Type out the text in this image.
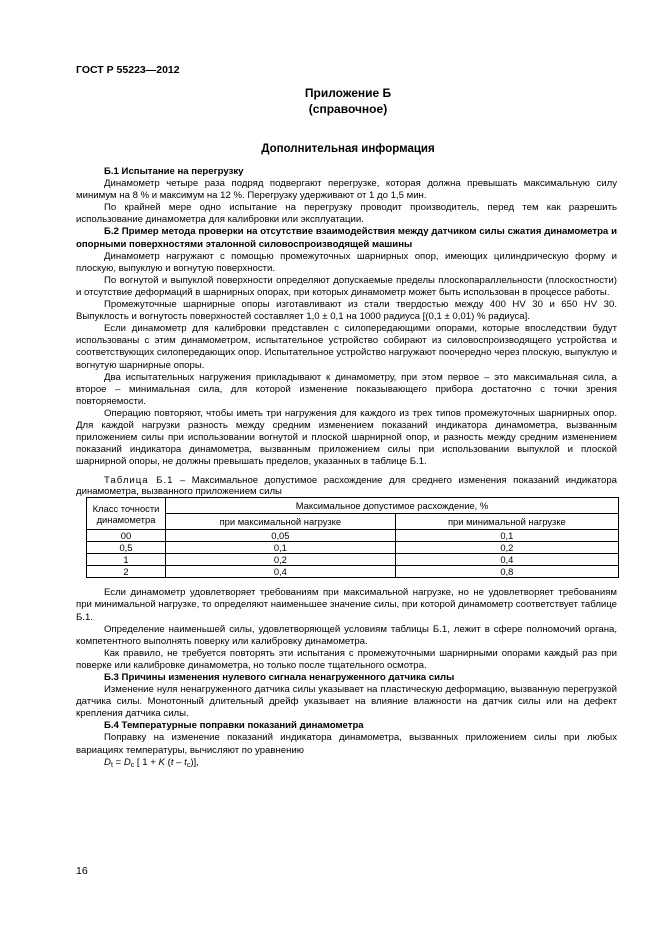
ГОСТ Р 55223—2012
Приложение Б
(справочное)
Дополнительная информация

Б.1 Испытание на перегрузку

Динамометр четыре раза подряд подвергают перегрузке, которая должна превышать максимальную силу минимум на 8 % и максимум на 12 %. Перегрузку удерживают от 1 до 1,5 мин.

По крайней мере одно испытание на перегрузку проводит производитель, перед тем как разрешить использование динамометра для калибровки или эксплуатации.

Б.2 Пример метода проверки на отсутствие взаимодействия между датчиком силы сжатия динамометра и опорными поверхностями эталонной силовоспроизводящей машины

Динамометр нагружают с помощью промежуточных шарнирных опор, имеющих цилиндрическую форму и плоскую, выпуклую и вогнутую поверхности.

По вогнутой и выпуклой поверхности определяют допускаемые пределы плоскопараллельности (плоскостности) и отсутствие деформаций в шарнирных опорах, при которых динамометр может быть использован в процессе работы.

Промежуточные шарнирные опоры изготавливают из стали твердостью между 400 HV 30 и 650 HV 30. Выпуклость и вогнутость поверхностей составляет 1,0 ± 0,1 на 1000 радиуса [(0,1 ± 0,01) % радиуса].

Если динамометр для калибровки представлен с силопередающими опорами, которые впоследствии будут использованы с этим динамометром, испытательное устройство собирают из силовоспроизводящего устройства и соответствующих силопередающих опор. Испытательное устройство нагружают поочередно через плоскую, выпуклую и вогнутую шарнирные опоры.

Два испытательных нагружения прикладывают к динамометру, при этом первое – это максимальная сила, а второе – минимальная сила, для которой изменение показывающего прибора достаточно с точки зрения повторяемости.

Операцию повторяют, чтобы иметь три нагружения для каждого из трех типов промежуточных шарнирных опор. Для каждой нагрузки разность между средним изменением показаний индикатора динамометра, вызванным приложением силы при использовании вогнутой и плоской шарнирной опор, и разность между средним изменением показаний индикатора динамометра, вызванным приложением силы при использовании выпуклой и плоской шарнирной опоры, не должны превышать пределов, указанных в таблице Б.1.

Таблица Б.1 – Максимальное допустимое расхождение для среднего изменения показаний индикатора динамометра, вызванного приложением силы

Класс точности динамометра	Максимальное допустимое расхождение, %	
	при максимальной нагрузке	при минимальной нагрузке
00	0,05	0,1
0,5	0,1	0,2
1	0,2	0,4
2	0,4	0,8

Если динамометр удовлетворяет требованиям при максимальной нагрузке, но не удовлетворяет требованиям при минимальной нагрузке, то определяют наименьшее значение силы, при которой динамометр соответствует таблице Б.1.

Определение наименьшей силы, удовлетворяющей условиям таблицы Б.1, лежит в сфере полномочий органа, компетентного выполнять поверку или калибровку динамометра.

Как правило, не требуется повторять эти испытания с промежуточными шарнирными опорами каждый раз при поверке или калибровке динамометра, но только после тщательного осмотра.

Б.3 Причины изменения нулевого сигнала ненагруженного датчика силы

Изменение нуля ненагруженного датчика силы указывает на пластическую деформацию, вызванную перегрузкой датчика силы. Монотонный длительный дрейф указывает на влияние влажности на датчик силы или на дефект крепления датчика силы.

Б.4 Температурные поправки показаний динамометра

Поправку на изменение показаний индикатора динамометра, вызванных приложением силы при любых вариациях температуры, вычисляют по уравнению

$D_t = D_c$ [ 1 + K $(t - t_c)$],

16
